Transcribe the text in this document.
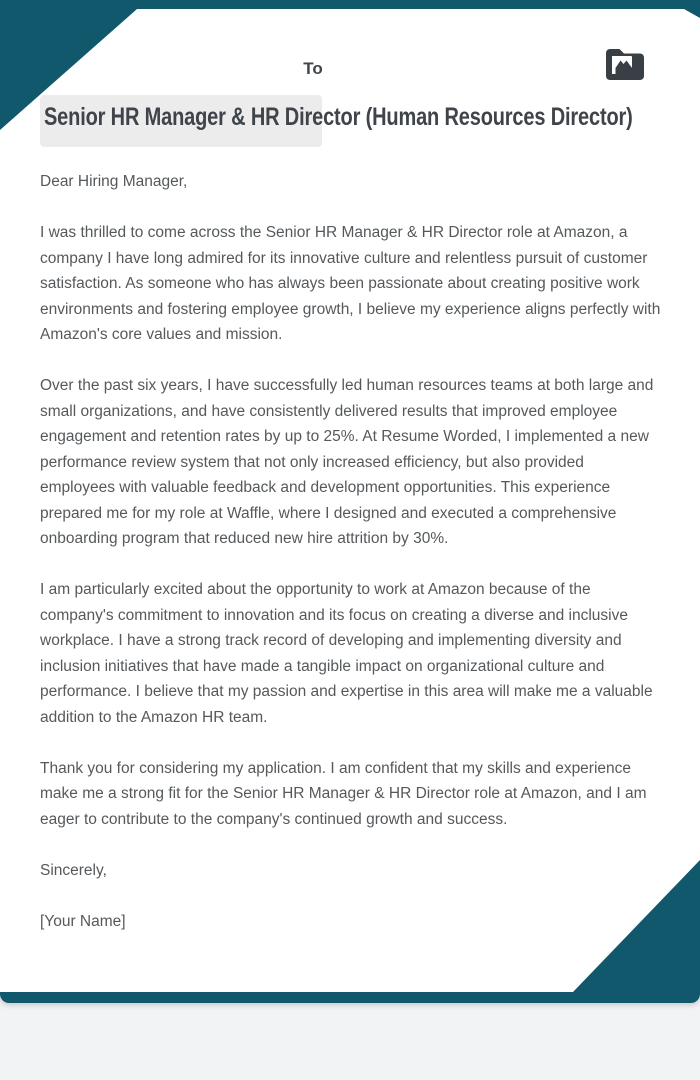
To
Senior HR Manager & HR Director (Human Resources Director)

Dear Hiring Manager,

I was thrilled to come across the Senior HR Manager & HR Director role at Amazon, a company I have long admired for its innovative culture and relentless pursuit of customer satisfaction. As someone who has always been passionate about creating positive work environments and fostering employee growth, I believe my experience aligns perfectly with Amazon's core values and mission.

Over the past six years, I have successfully led human resources teams at both large and small organizations, and have consistently delivered results that improved employee engagement and retention rates by up to 25%. At Resume Worded, I implemented a new performance review system that not only increased efficiency, but also provided employees with valuable feedback and development opportunities. This experience prepared me for my role at Waffle, where I designed and executed a comprehensive onboarding program that reduced new hire attrition by 30%.

I am particularly excited about the opportunity to work at Amazon because of the company's commitment to innovation and its focus on creating a diverse and inclusive workplace. I have a strong track record of developing and implementing diversity and inclusion initiatives that have made a tangible impact on organizational culture and performance. I believe that my passion and expertise in this area will make me a valuable addition to the Amazon HR team.

Thank you for considering my application. I am confident that my skills and experience make me a strong fit for the Senior HR Manager & HR Director role at Amazon, and I am eager to contribute to the company's continued growth and success.

Sincerely,

[Your Name]
